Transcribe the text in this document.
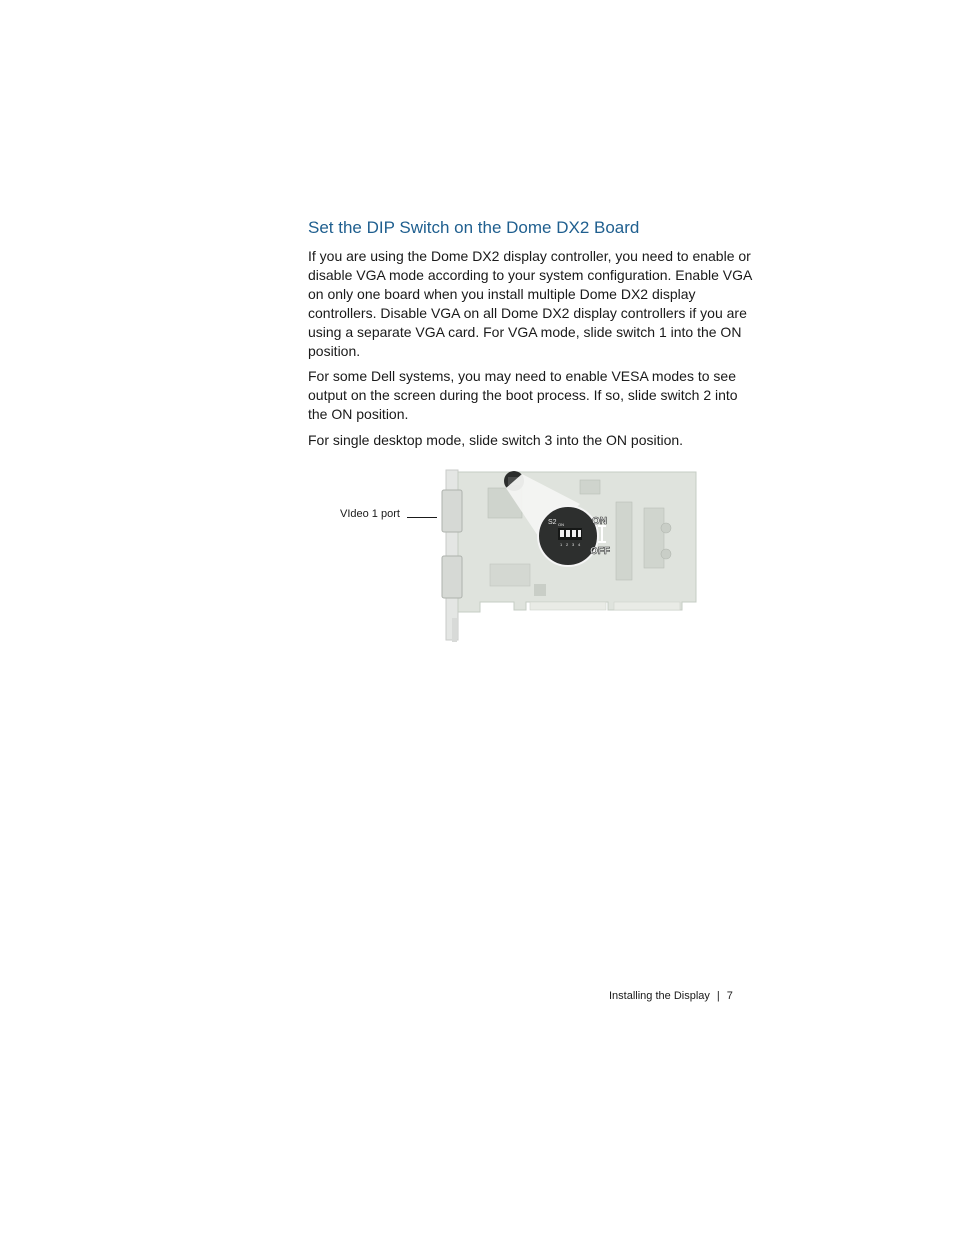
Set the DIP Switch on the Dome DX2 Board

If you are using the Dome DX2 display controller, you need to enable or disable VGA mode according to your system configuration. Enable VGA on only one board when you install multiple Dome DX2 display controllers. Disable VGA on all Dome DX2 display controllers if you are using a separate VGA card. For VGA mode, slide switch 1 into the ON position.

For some Dell systems, you may need to enable VESA modes to see output on the screen during the boot process. If so, slide switch 2 into the ON position.

For single desktop mode, slide switch 3 into the ON position.

VIdeo 1 port
S2 ON
1 2 3 4
ON
OFF
Installing the Display | 7
